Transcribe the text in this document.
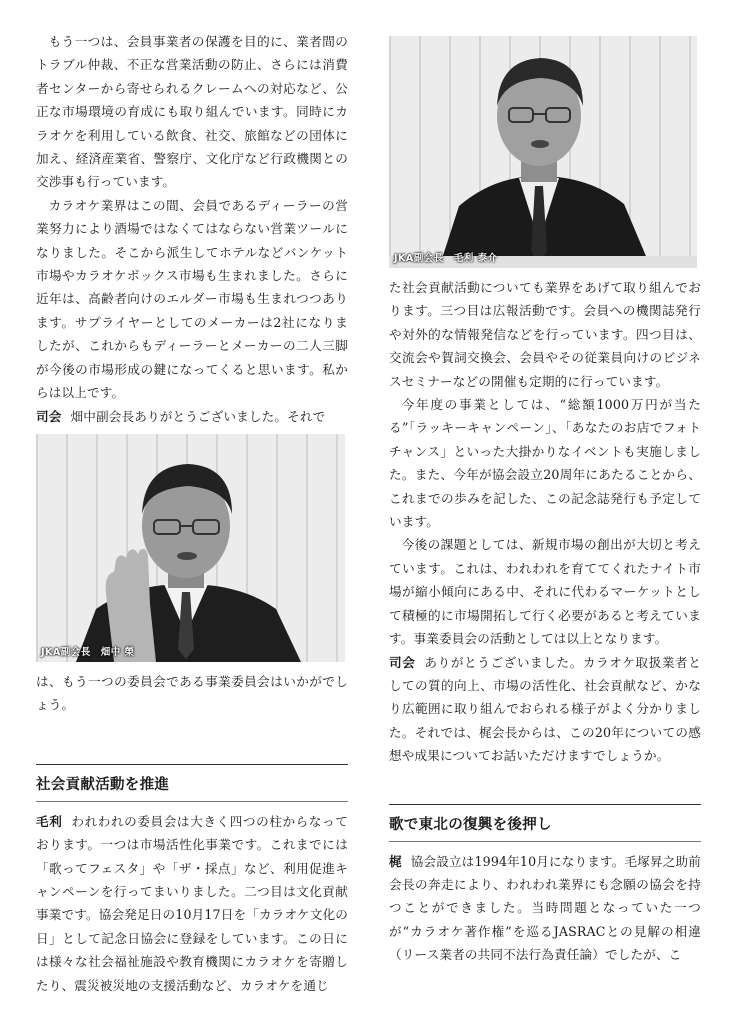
もう一つは、会員事業者の保護を目的に、業者間のトラブル仲裁、不正な営業活動の防止、さらには消費者センターから寄せられるクレームへの対応など、公正な市場環境の育成にも取り組んでいます。同時にカラオケを利用している飲食、社交、旅館などの団体に加え、経済産業省、警察庁、文化庁など行政機関との交渉事も行っています。

カラオケ業界はこの間、会員であるディーラーの営業努力により酒場ではなくてはならない営業ツールになりました。そこから派生してホテルなどバンケット市場やカラオケボックス市場も生まれました。さらに近年は、高齢者向けのエルダー市場も生まれつつあります。サプライヤーとしてのメーカーは2社になりましたが、これからもディーラーとメーカーの二人三脚が今後の市場形成の鍵になってくると思います。私からは以上です。

司会 畑中副会長ありがとうございました。それで

JKA副会長　畑中 榮

は、もう一つの委員会である事業委員会はいかがでしょう。

社会貢献活動を推進

毛利 われわれの委員会は大きく四つの柱からなっております。一つは市場活性化事業です。これまでには「歌ってフェスタ」や「ザ・採点」など、利用促進キャンペーンを行ってまいりました。二つ目は文化貢献事業です。協会発足日の10月17日を「カラオケ文化の日」として記念日協会に登録をしています。この日には様々な社会福祉施設や教育機関にカラオケを寄贈したり、震災被災地の支援活動など、カラオケを通じ

JKA副会長　毛利 泰介

た社会貢献活動についても業界をあげて取り組んでおります。三つ目は広報活動です。会員への機関誌発行や対外的な情報発信などを行っています。四つ目は、交流会や賀詞交換会、会員やその従業員向けのビジネスセミナーなどの開催も定期的に行っています。

今年度の事業としては、“総額1000万円が当たる”「ラッキーキャンペーン」、「あなたのお店でフォトチャンス」といった大掛かりなイベントも実施しました。また、今年が協会設立20周年にあたることから、これまでの歩みを記した、この記念誌発行も予定しています。

今後の課題としては、新規市場の創出が大切と考えています。これは、われわれを育ててくれたナイト市場が縮小傾向にある中、それに代わるマーケットとして積極的に市場開拓して行く必要があると考えています。事業委員会の活動としては以上となります。

司会 ありがとうございました。カラオケ取扱業者としての質的向上、市場の活性化、社会貢献など、かなり広範囲に取り組んでおられる様子がよく分かりました。それでは、梶会長からは、この20年についての感想や成果についてお話いただけますでしょうか。

歌で東北の復興を後押し

梶 協会設立は1994年10月になります。毛塚昇之助前会長の奔走により、われわれ業界にも念願の協会を持つことができました。当時問題となっていた一つが“カラオケ著作権”を巡るJASRACとの見解の相違（リース業者の共同不法行為責任論）でしたが、こ
